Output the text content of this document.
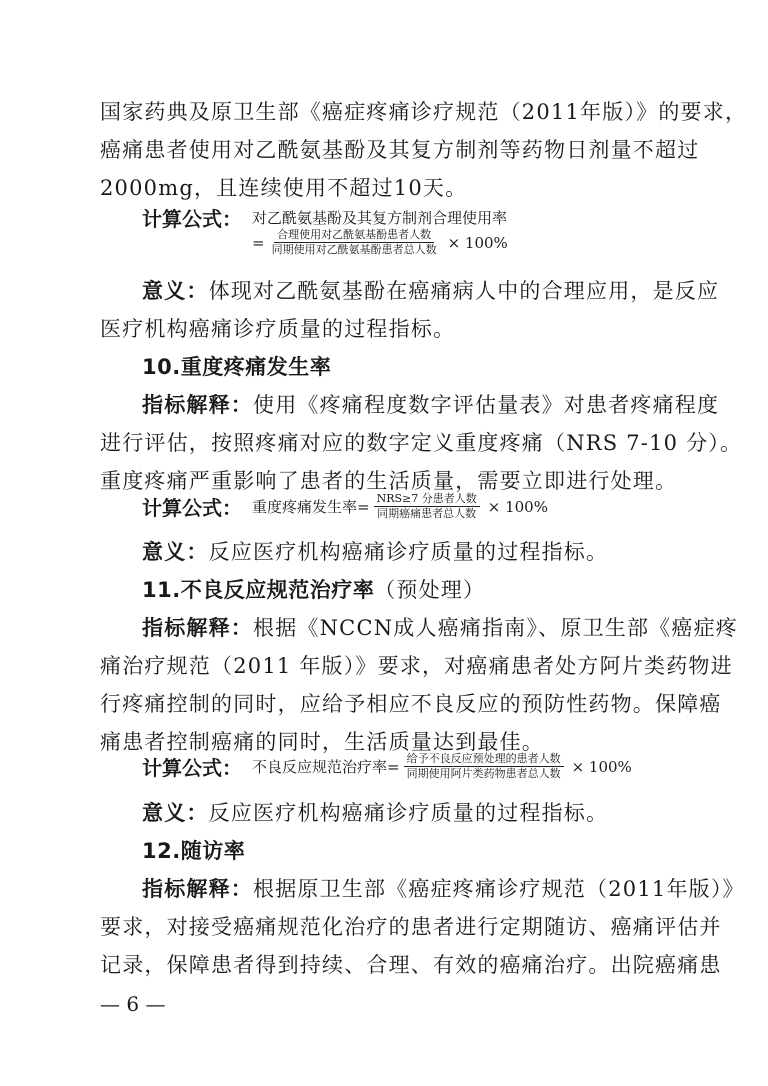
国家药典及原卫生部《癌症疼痛诊疗规范（2011年版）》的要求，
癌痛患者使用对乙酰氨基酚及其复方制剂等药物日剂量不超过
2000mg，且连续使用不超过10天。
计算公式： 对乙酰氨基酚及其复方制剂合理使用率
= $\frac{\text{合理使用对乙酰氨基酚患者人数}}{\text{同期使用对乙酰氨基酚患者总人数}} \times 100\%$
意义：体现对乙酰氨基酚在癌痛病人中的合理应用，是反应
医疗机构癌痛诊疗质量的过程指标。
10.重度疼痛发生率
指标解释：使用《疼痛程度数字评估量表》对患者疼痛程度
进行评估，按照疼痛对应的数字定义重度疼痛（NRS 7-10 分）。
重度疼痛严重影响了患者的生活质量，需要立即进行处理。
计算公式： 重度疼痛发生率= $\frac{\text{NRS≥7 分患者人数}}{\text{同期癌痛患者总人数}} \times 100\%$
意义：反应医疗机构癌痛诊疗质量的过程指标。
11.不良反应规范治疗率（预处理）
指标解释：根据《NCCN成人癌痛指南》、原卫生部《癌症疼
痛治疗规范（2011 年版）》要求，对癌痛患者处方阿片类药物进
行疼痛控制的同时，应给予相应不良反应的预防性药物。保障癌
痛患者控制癌痛的同时，生活质量达到最佳。
计算公式： 不良反应规范治疗率= $\frac{\text{给予不良反应预处理的患者人数}}{\text{同期使用阿片类药物患者总人数}} \times 100\%$
意义：反应医疗机构癌痛诊疗质量的过程指标。
12.随访率
指标解释：根据原卫生部《癌症疼痛诊疗规范（2011年版）》
要求，对接受癌痛规范化治疗的患者进行定期随访、癌痛评估并
记录，保障患者得到持续、合理、有效的癌痛治疗。出院癌痛患
— 6 —
